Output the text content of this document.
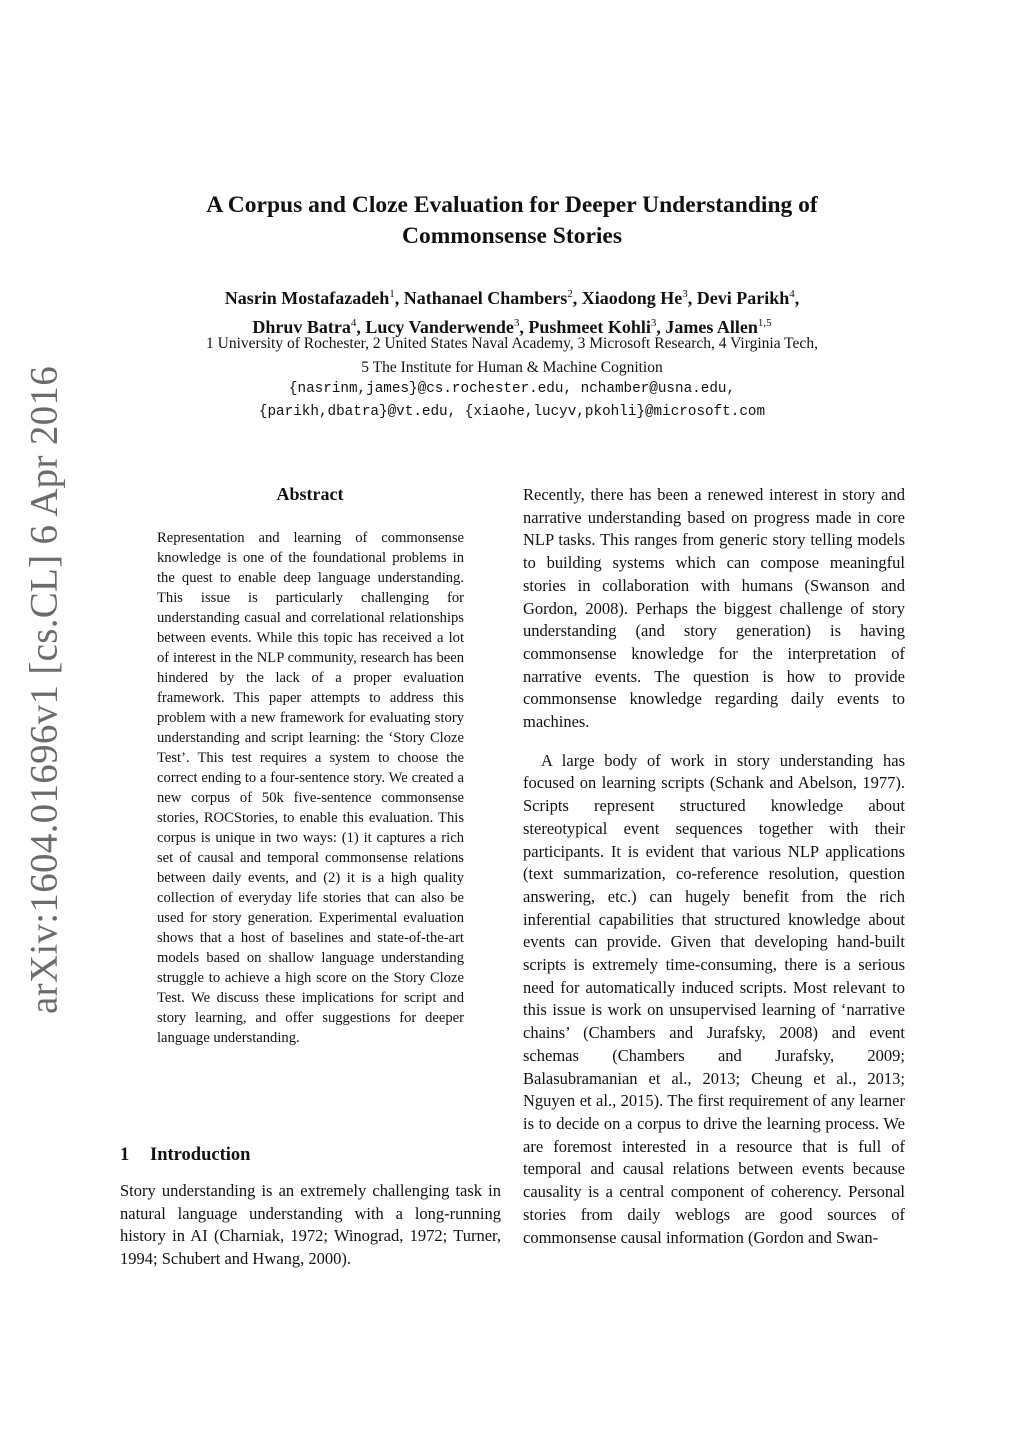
arXiv:1604.01696v1 [cs.CL] 6 Apr 2016
A Corpus and Cloze Evaluation for Deeper Understanding of
Commonsense Stories
Nasrin Mostafazadeh$^1$, Nathanael Chambers$^2$, Xiaodong He$^3$, Devi Parikh$^4$,
Dhruv Batra$^4$, Lucy Vanderwende$^3$, Pushmeet Kohli$^3$, James Allen$^{1,5}$
1 University of Rochester, 2 United States Naval Academy, 3 Microsoft Research, 4 Virginia Tech,
5 The Institute for Human & Machine Cognition
{nasrinm,james}@cs.rochester.edu, nchamber@usna.edu,
{parikh,dbatra}@vt.edu, {xiaohe,lucyv,pkohli}@microsoft.com
Abstract
Representation and learning of commonsense knowledge is one of the foundational problems in the quest to enable deep language understanding. This issue is particularly challenging for understanding casual and correlational relationships between events. While this topic has received a lot of interest in the NLP community, research has been hindered by the lack of a proper evaluation framework. This paper attempts to address this problem with a new framework for evaluating story understanding and script learning: the ‘Story Cloze Test’. This test requires a system to choose the correct ending to a four-sentence story. We created a new corpus of 50k five-sentence commonsense stories, ROCStories, to enable this evaluation. This corpus is unique in two ways: (1) it captures a rich set of causal and temporal commonsense relations between daily events, and (2) it is a high quality collection of everyday life stories that can also be used for story generation. Experimental evaluation shows that a host of baselines and state-of-the-art models based on shallow language understanding struggle to achieve a high score on the Story Cloze Test. We discuss these implications for script and story learning, and offer suggestions for deeper language understanding.
1 Introduction
Story understanding is an extremely challenging task in natural language understanding with a long-running history in AI (Charniak, 1972; Winograd, 1972; Turner, 1994; Schubert and Hwang, 2000).

Recently, there has been a renewed interest in story and narrative understanding based on progress made in core NLP tasks. This ranges from generic story telling models to building systems which can compose meaningful stories in collaboration with humans (Swanson and Gordon, 2008). Perhaps the biggest challenge of story understanding (and story generation) is having commonsense knowledge for the interpretation of narrative events. The question is how to provide commonsense knowledge regarding daily events to machines.

A large body of work in story understanding has focused on learning scripts (Schank and Abelson, 1977). Scripts represent structured knowledge about stereotypical event sequences together with their participants. It is evident that various NLP applications (text summarization, co-reference resolution, question answering, etc.) can hugely benefit from the rich inferential capabilities that structured knowledge about events can provide. Given that developing hand-built scripts is extremely time-consuming, there is a serious need for automatically induced scripts. Most relevant to this issue is work on unsupervised learning of ‘narrative chains’ (Chambers and Jurafsky, 2008) and event schemas (Chambers and Jurafsky, 2009; Balasubramanian et al., 2013; Cheung et al., 2013; Nguyen et al., 2015). The first requirement of any learner is to decide on a corpus to drive the learning process. We are foremost interested in a resource that is full of temporal and causal relations between events because causality is a central component of coherency. Personal stories from daily weblogs are good sources of commonsense causal information (Gordon and Swan-
